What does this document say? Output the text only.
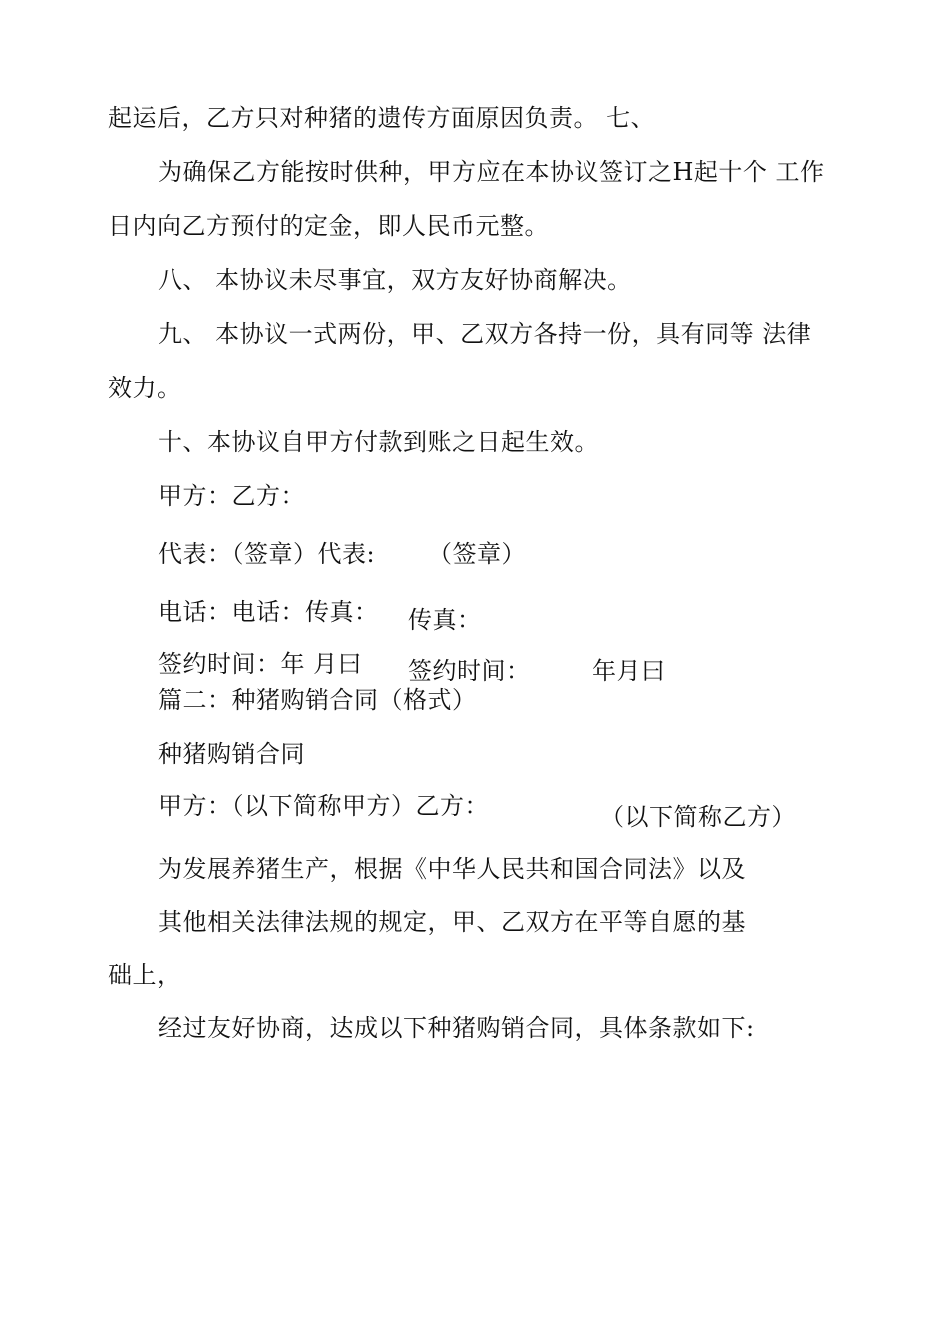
起运后，乙方只对种猪的遗传方面原因负责。 七、
为确保乙方能按时供种，甲方应在本协议签订之H起十个 工作
日内向乙方预付的定金，即人民币元整。
八、 本协议未尽事宜，双方友好协商解决。
九、 本协议一式两份，甲、乙双方各持一份，具有同等 法律
效力。
十、本协议自甲方付款到账之日起生效。
甲方：乙方：
代表：（签章）代表: （签章）
电话：电话：传真： 传真：
签约时间：年 月曰 签约时间：	年月曰
篇二：种猪购销合同（格式）
种猪购销合同
甲方：（以下简称甲方）乙方：	（以下简称乙方）
为发展养猪生产，根据《中华人民共和国合同法》以及
其他相关法律法规的规定，甲、乙双方在平等自愿的基
础上，
经过友好协商，达成以下种猪购销合同，具体条款如下:
